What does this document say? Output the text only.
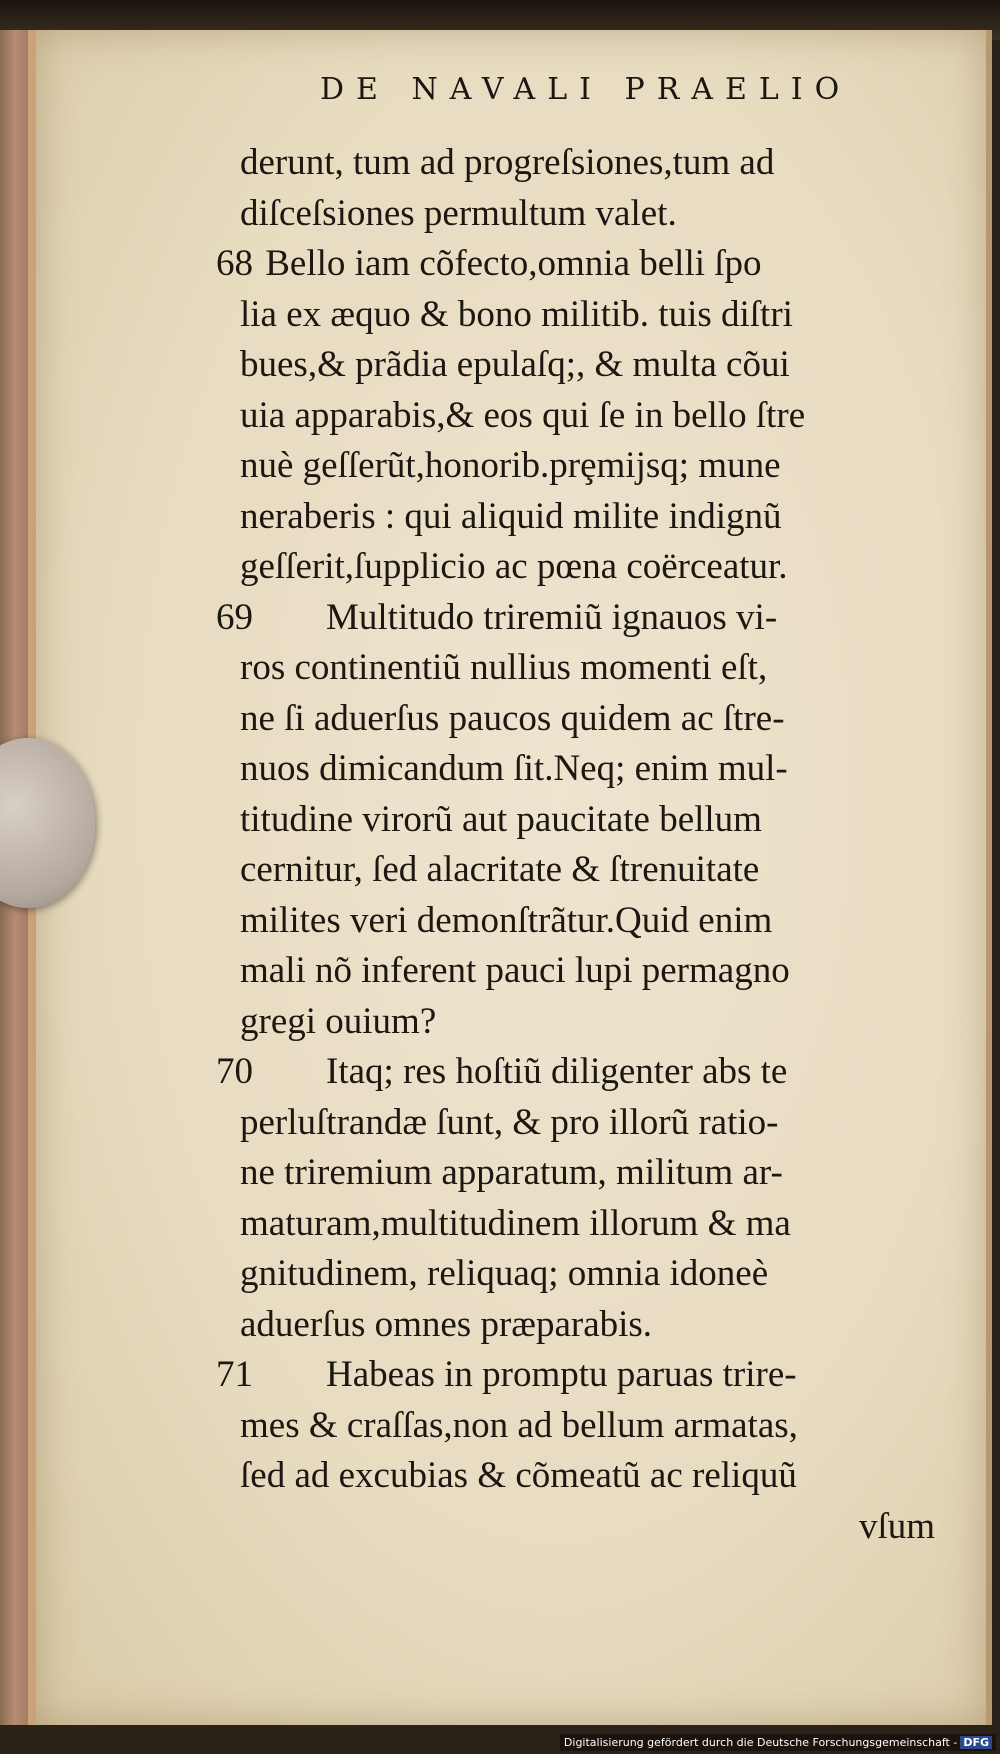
DE NAVALI PRAELIO
derunt, tum ad progreſsiones,tum ad
diſceſsiones permultum valet.
68 Bello iam cõfecto,omnia belli ſpo
lia ex æquo & bono militib. tuis diſtri
bues,& prãdia epulaſq;, & multa cõui
uia apparabis,& eos qui ſe in bello ſtre
nuè geſſerũt,honorib.prȩmijsq; mune
neraberis : qui aliquid milite indignũ
geſſerit,ſupplicio ac pœna coërceatur.
69 Multitudo triremiũ ignauos vi-
ros continentiũ nullius momenti eſt,
ne ſi aduerſus paucos quidem ac ſtre-
nuos dimicandum ſit.Neq; enim mul-
titudine virorũ aut paucitate bellum
cernitur, ſed alacritate & ſtrenuitate
milites veri demonſtrãtur.Quid enim
mali nõ inferent pauci lupi permagno
gregi ouium?
70 Itaq; res hoſtiũ diligenter abs te
perluſtrandæ ſunt, & pro illorũ ratio-
ne triremium apparatum, militum ar-
maturam,multitudinem illorum & ma
gnitudinem, reliquaq; omnia idoneè
aduerſus omnes præparabis.
71 Habeas in promptu paruas trire-
mes & craſſas,non ad bellum armatas,
ſed ad excubias & cõmeatũ ac reliquũ
vſum
Digitalisierung gefördert durch die Deutsche Forschungsgemeinschaft - DFG
